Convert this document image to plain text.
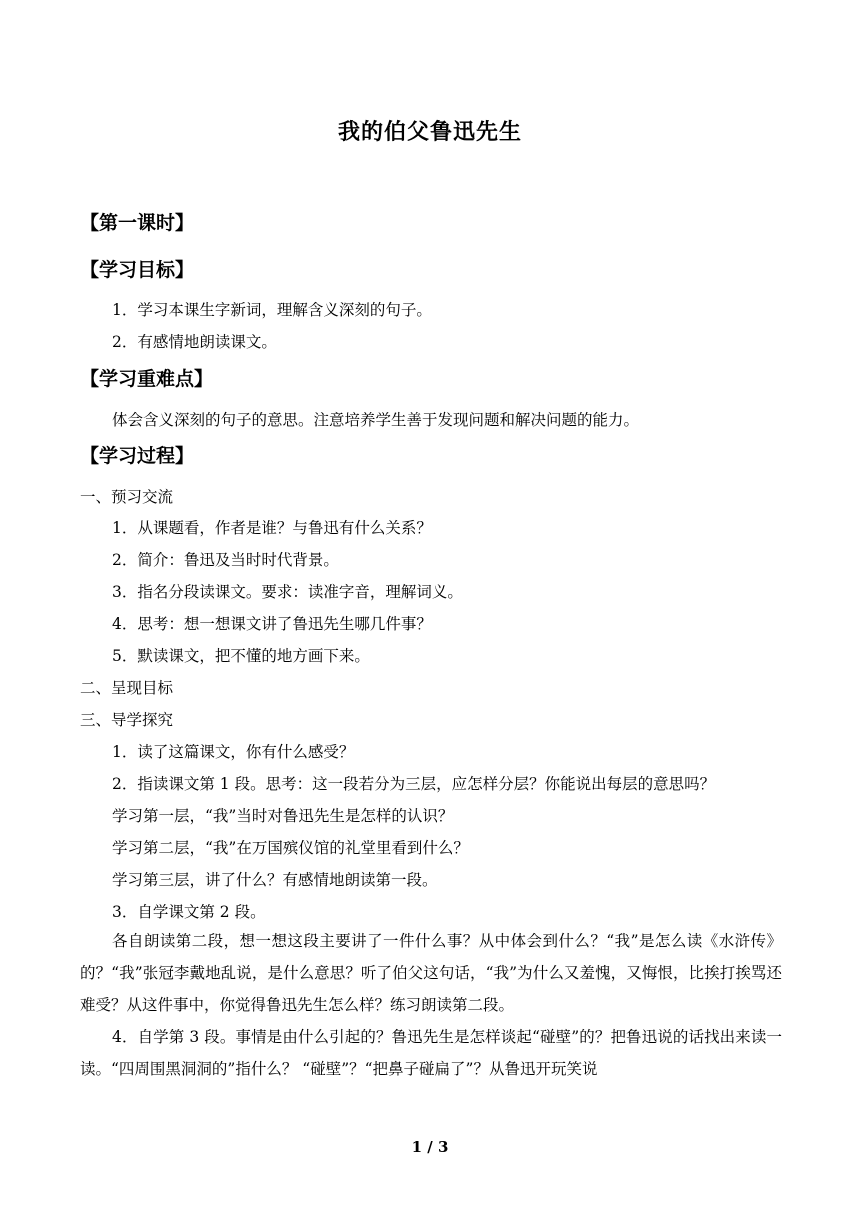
我的伯父鲁迅先生
【第一课时】
【学习目标】
1．学习本课生字新词，理解含义深刻的句子。
2．有感情地朗读课文。
【学习重难点】
体会含义深刻的句子的意思。注意培养学生善于发现问题和解决问题的能力。
【学习过程】
一、预习交流
1．从课题看，作者是谁？与鲁迅有什么关系？
2．简介：鲁迅及当时时代背景。
3．指名分段读课文。要求：读准字音，理解词义。
4．思考：想一想课文讲了鲁迅先生哪几件事？
5．默读课文，把不懂的地方画下来。
二、呈现目标
三、导学探究
1．读了这篇课文，你有什么感受？
2．指读课文第 1 段。思考：这一段若分为三层，应怎样分层？你能说出每层的意思吗？
学习第一层，“我”当时对鲁迅先生是怎样的认识？
学习第二层，“我”在万国殡仪馆的礼堂里看到什么？
学习第三层，讲了什么？有感情地朗读第一段。
3．自学课文第 2 段。
各自朗读第二段，想一想这段主要讲了一件什么事？从中体会到什么？“我”是怎么读《水浒传》的？“我”张冠李戴地乱说，是什么意思？听了伯父这句话，“我”为什么又羞愧，又悔恨，比挨打挨骂还难受？从这件事中，你觉得鲁迅先生怎么样？练习朗读第二段。
4．自学第 3 段。事情是由什么引起的？鲁迅先生是怎样谈起“碰壁”的？把鲁迅说的话找出来读一读。“四周围黑洞洞的”指什么？ “碰壁”？“把鼻子碰扁了”？从鲁迅开玩笑说
1 / 3
